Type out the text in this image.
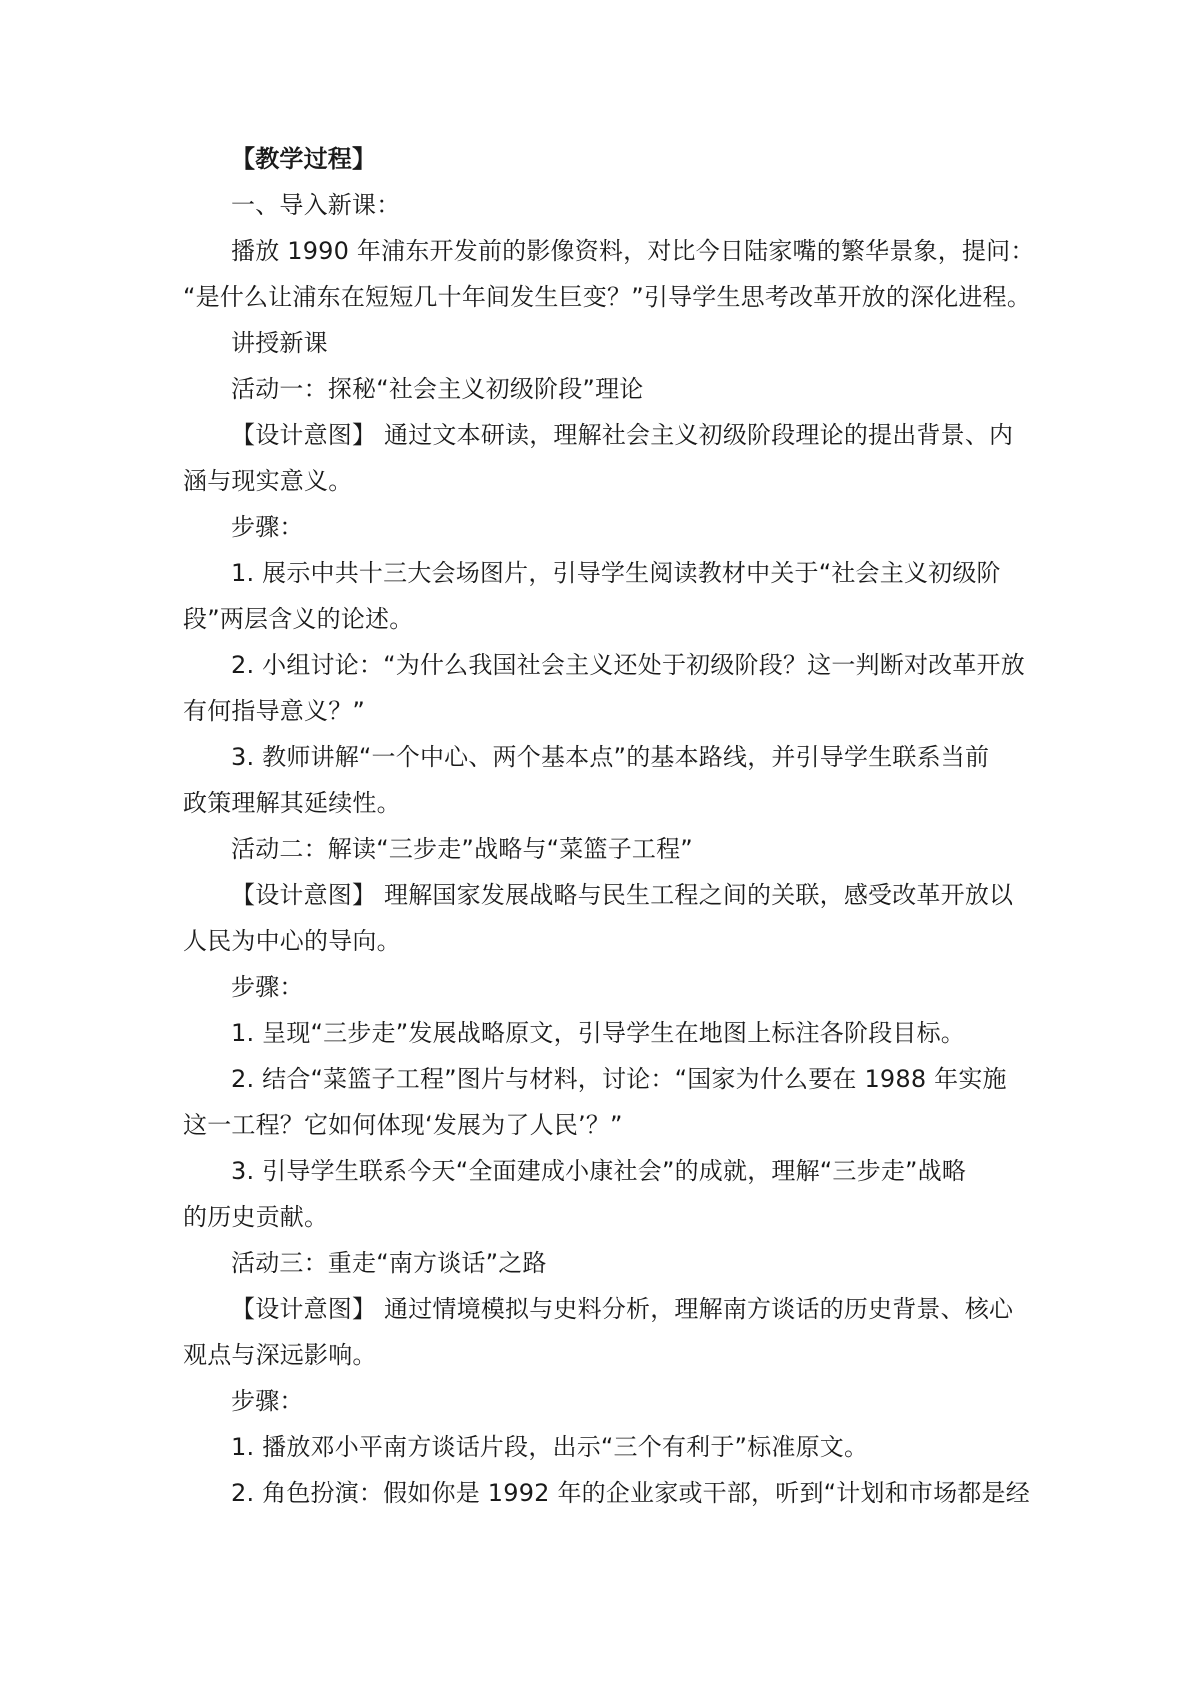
【教学过程】
一、导入新课：
播放 1990 年浦东开发前的影像资料，对比今日陆家嘴的繁华景象，提问：
“是什么让浦东在短短几十年间发生巨变？”引导学生思考改革开放的深化进程。
讲授新课
活动一：探秘“社会主义初级阶段”理论
【设计意图】 通过文本研读，理解社会主义初级阶段理论的提出背景、内
涵与现实意义。
步骤：
1. 展示中共十三大会场图片，引导学生阅读教材中关于“社会主义初级阶
段”两层含义的论述。
2. 小组讨论：“为什么我国社会主义还处于初级阶段？这一判断对改革开放
有何指导意义？”
3. 教师讲解“一个中心、两个基本点”的基本路线，并引导学生联系当前
政策理解其延续性。
活动二：解读“三步走”战略与“菜篮子工程”
【设计意图】 理解国家发展战略与民生工程之间的关联，感受改革开放以
人民为中心的导向。
步骤：
1. 呈现“三步走”发展战略原文，引导学生在地图上标注各阶段目标。
2. 结合“菜篮子工程”图片与材料，讨论：“国家为什么要在 1988 年实施
这一工程？它如何体现‘发展为了人民’？”
3. 引导学生联系今天“全面建成小康社会”的成就，理解“三步走”战略
的历史贡献。
活动三：重走“南方谈话”之路
【设计意图】 通过情境模拟与史料分析，理解南方谈话的历史背景、核心
观点与深远影响。
步骤：
1. 播放邓小平南方谈话片段，出示“三个有利于”标准原文。
2. 角色扮演：假如你是 1992 年的企业家或干部，听到“计划和市场都是经
